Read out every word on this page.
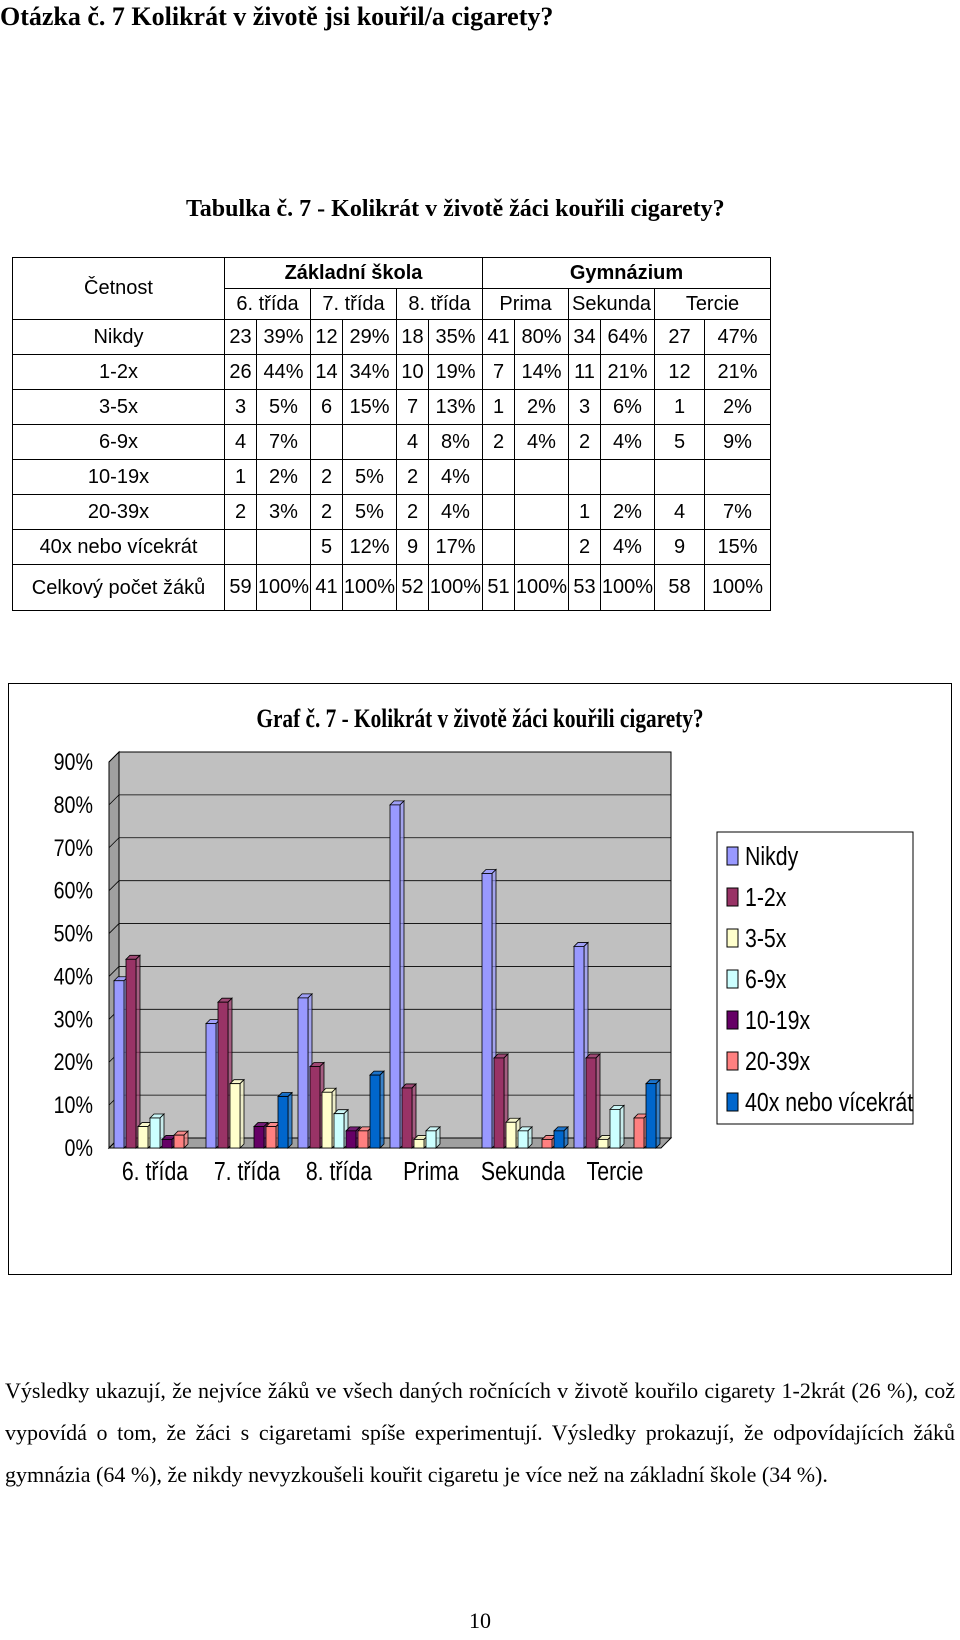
Otázka č. 7 Kolikrát v životě jsi kouřil/a cigarety?
Tabulka č. 7 - Kolikrát v životě žáci kouřili cigarety?
Četnost	Základní škola						Gymnázium					
	6. třída		7. třída		8. třída		Prima		Sekunda		Tercie	
Nikdy	23	39%	12	29%	18	35%	41	80%	34	64%	27	47%
1-2x	26	44%	14	34%	10	19%	7	14%	11	21%	12	21%
3-5x	3	5%	6	15%	7	13%	1	2%	3	6%	1	2%
6-9x	4	7%			4	8%	2	4%	2	4%	5	9%
10-19x	1	2%	2	5%	2	4%						
20-39x	2	3%	2	5%	2	4%			1	2%	4	7%
40x nebo vícekrát			5	12%	9	17%			2	4%	9	15%
Celkový počet žáků	59	100%	41	100%	52	100%	51	100%	53	100%	58	100%
Graf č. 7 - Kolikrát v životě žáci kouřili cigarety?
0%
10%
20%
30%
40%
50%
60%
70%
80%
90%
6. třída 7. třída 8. třída Prima Sekunda Tercie
Nikdy
1-2x
3-5x
6-9x
10-19x
20-39x
40x nebo vícekrát
Výsledky ukazují, že nejvíce žáků ve všech daných ročnících v životě kouřilo cigarety 1-2krát (26 %), což vypovídá o tom, že žáci s cigaretami spíše experimentují. Výsledky prokazují, že odpovídajících žáků gymnázia (64 %), že nikdy nevyzkoušeli kouřit cigaretu je více než na základní škole (34 %).
10
